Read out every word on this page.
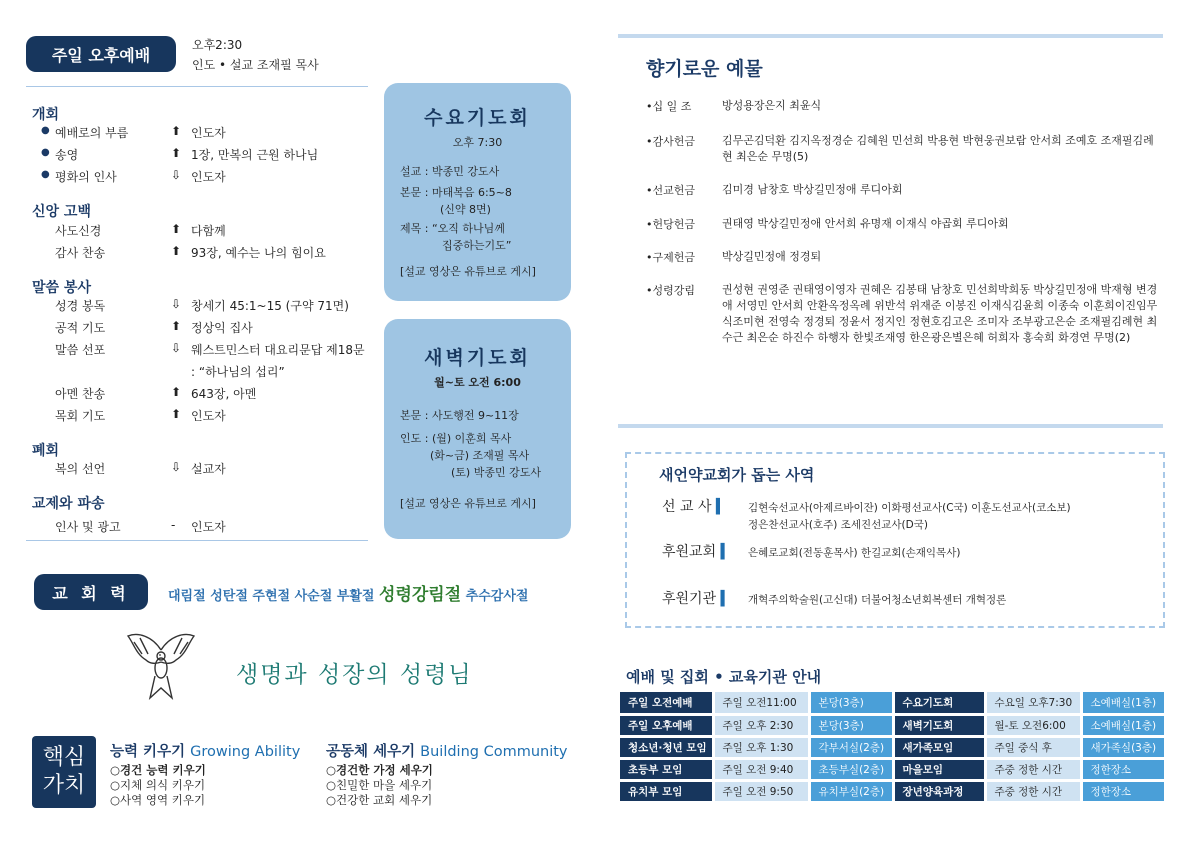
주일 오후예배
오후2:30
인도 • 설교 조재필 목사
개회
● 예배로의 부름	⬆ 인도자
● 송영	⬆ 1장, 만복의 근원 하나님
● 평화의 인사	⇩ 인도자
신앙 고백
사도신경	⬆ 다함께
감사 찬송	⬆ 93장, 예수는 나의 힘이요
말씀 봉사
성경 봉독	⇩ 창세기 45:1~15 (구약 71면)
공적 기도	⬆ 정상익 집사
말씀 선포	⇩ 웨스트민스터 대요리문답 제18문
: “하나님의 섭리”
아멘 찬송	⬆ 643장, 아멘
목회 기도	⬆ 인도자
폐회
복의 선언	⇩ 설교자
교제와 파송
인사 및 광고	- 인도자
수요기도회
오후 7:30
설교 : 박종민 강도사
본문 : 마태복음 6:5~8
(신약 8면)
제목 : “오직 하나님께
집중하는기도”
[설교 영상은 유튜브로 게시]
새벽기도회
월~토 오전 6:00
본문 : 사도행전 9~11장
인도 : (월) 이훈희 목사
(화~금) 조재필 목사
(토) 박종민 강도사
[설교 영상은 유튜브로 게시]
교 회 력	대림절 성탄절 주현절 사순절 부활절 성령강림절 추수감사절
생명과 성장의 성령님
핵심
가치
능력 키우기 Growing Ability
○경건 능력 키우기
○지체 의식 키우기
○사역 영역 키우기
공동체 세우기 Building Community
○경건한 가정 세우기
○친밀한 마을 세우기
○건강한 교회 세우기
향기로운 예물
•십 일 조	방성용장은지 최윤식
•감사헌금	김무곤김덕환 김지옥정경순 김혜원 민선희 박용현 박현웅권보람 안서희 조예호 조재필김례현 최은순 무명(5)
•선교헌금	김미경 남창호 박상길민정애 루디아회
•헌당헌금	권태영 박상길민정애 안서희 유명재 이재식 야곱회 루디아회
•구제헌금	박상길민정애 정경퇴
•성령강림	권성현 권영준 권태영이영자 권혜은 김봉태 남창호 민선희박희동 박상길민정애 박재형 변경애 서영민 안서희 안환옥정옥례 위반석 위재준 이봉진 이재식김윤희 이종숙 이훈희이진임무식조미현 전영숙 정경퇴 정윤서 정지인 정현호김고은 조미자 조부광고은순 조재필김례현 최수근 최은순 하진수 하행자 한빛조재영 한은광은별은혜 허희자 홍숙희 화경연 무명(2)
새언약교회가 돕는 사역
선 교 사 ▍ 김현숙선교사(아제르바이잔) 이화평선교사(C국) 이훈도선교사(코소보)
정은찬선교사(호주) 조세진선교사(D국)
후원교회 ▍ 은혜로교회(전동훈목사) 한길교회(손재익목사)
후원기관 ▍ 개혁주의학술원(고신대) 더불어청소년회복센터 개혁정론
예배 및 집회 • 교육기관 안내
주일 오전예배	주일 오전11:00	본당(3층)	수요기도회	수요일 오후7:30	소예배실(1층)
주일 오후예배	주일 오후 2:30	본당(3층)	새벽기도회	월-토 오전6:00	소예배실(1층)
청소년·청년 모임	주일 오후 1:30	각부서실(2층)	새가족모임	주일 중식 후	새가족실(3층)
초등부 모임	주일 오전 9:40	초등부실(2층)	마을모임	주중 정한 시간	정한장소
유치부 모임	주일 오전 9:50	유치부실(2층)	장년양육과정	주중 정한 시간	정한장소
